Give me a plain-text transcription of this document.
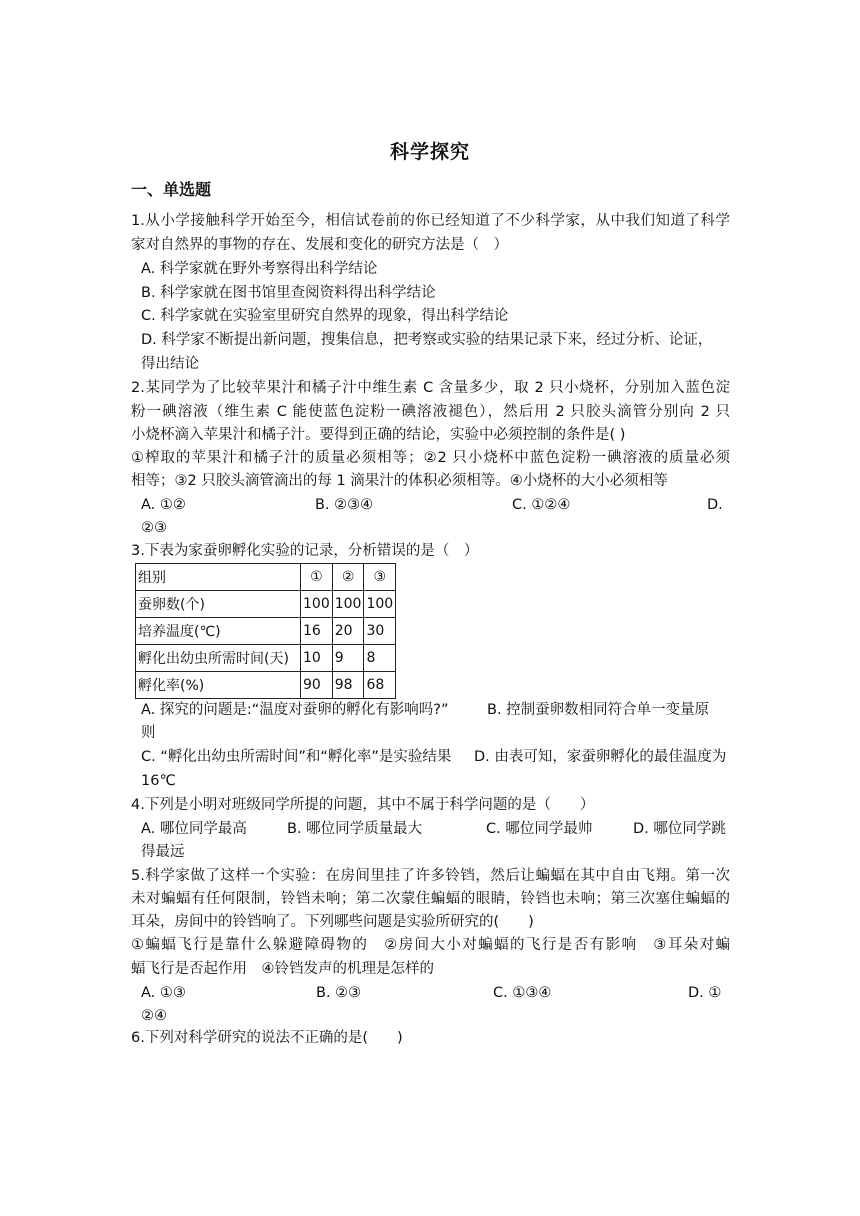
科学探究
一、单选题
1.从小学接触科学开始至今，相信试卷前的你已经知道了不少科学家，从中我们知道了科学
家对自然界的事物的存在、发展和变化的研究方法是（　）
A. 科学家就在野外考察得出科学结论
B. 科学家就在图书馆里查阅资料得出科学结论
C. 科学家就在实验室里研究自然界的现象，得出科学结论
D. 科学家不断提出新问题，搜集信息，把考察或实验的结果记录下来，经过分析、论证，
得出结论
2.某同学为了比较苹果汁和橘子汁中维生素 C 含量多少，取 2 只小烧杯，分别加入蓝色淀
粉一碘溶液（维生素 C 能使蓝色淀粉一碘溶液褪色），然后用 2 只胶头滴管分别向 2 只
小烧杯滴入苹果汁和橘子汁。要得到正确的结论，实验中必须控制的条件是( )
①榨取的苹果汁和橘子汁的质量必须相等；②2 只小烧杯中蓝色淀粉一碘溶液的质量必须
相等；③2 只胶头滴管滴出的每 1 滴果汁的体积必须相等。④小烧杯的大小必须相等
A. ①②	B. ②③④	C. ①②④	D.
②③
3.下表为家蚕卵孵化实验的记录，分析错误的是（　）
组别	①	②	③
蚕卵数(个)	100	100	100
培养温度(℃)	16	20	30
孵化出幼虫所需时间(天)	10	9	8
孵化率(%)	90	98	68
A. 探究的问题是:“温度对蚕卵的孵化有影响吗?”	B. 控制蚕卵数相同符合单一变量原
则
C. “孵化出幼虫所需时间”和“孵化率”是实验结果 D. 由表可知，家蚕卵孵化的最佳温度为
16℃
4.下列是小明对班级同学所提的问题，其中不属于科学问题的是（　　）
A. 哪位同学最高	B. 哪位同学质量最大	C. 哪位同学最帅	D. 哪位同学跳
得最远
5.科学家做了这样一个实验：在房间里挂了许多铃铛，然后让蝙蝠在其中自由飞翔。第一次
未对蝙蝠有任何限制，铃铛未响；第二次蒙住蝙蝠的眼睛，铃铛也未响；第三次塞住蝙蝠的
耳朵，房间中的铃铛响了。下列哪些问题是实验所研究的(　　)
①蝙蝠飞行是靠什么躲避障碍物的　②房间大小对蝙蝠的飞行是否有影响　③耳朵对蝙
蝠飞行是否起作用　④铃铛发声的机理是怎样的
A. ①③	B. ②③	C. ①③④	D. ①
②④
6.下列对科学研究的说法不正确的是(　　)
